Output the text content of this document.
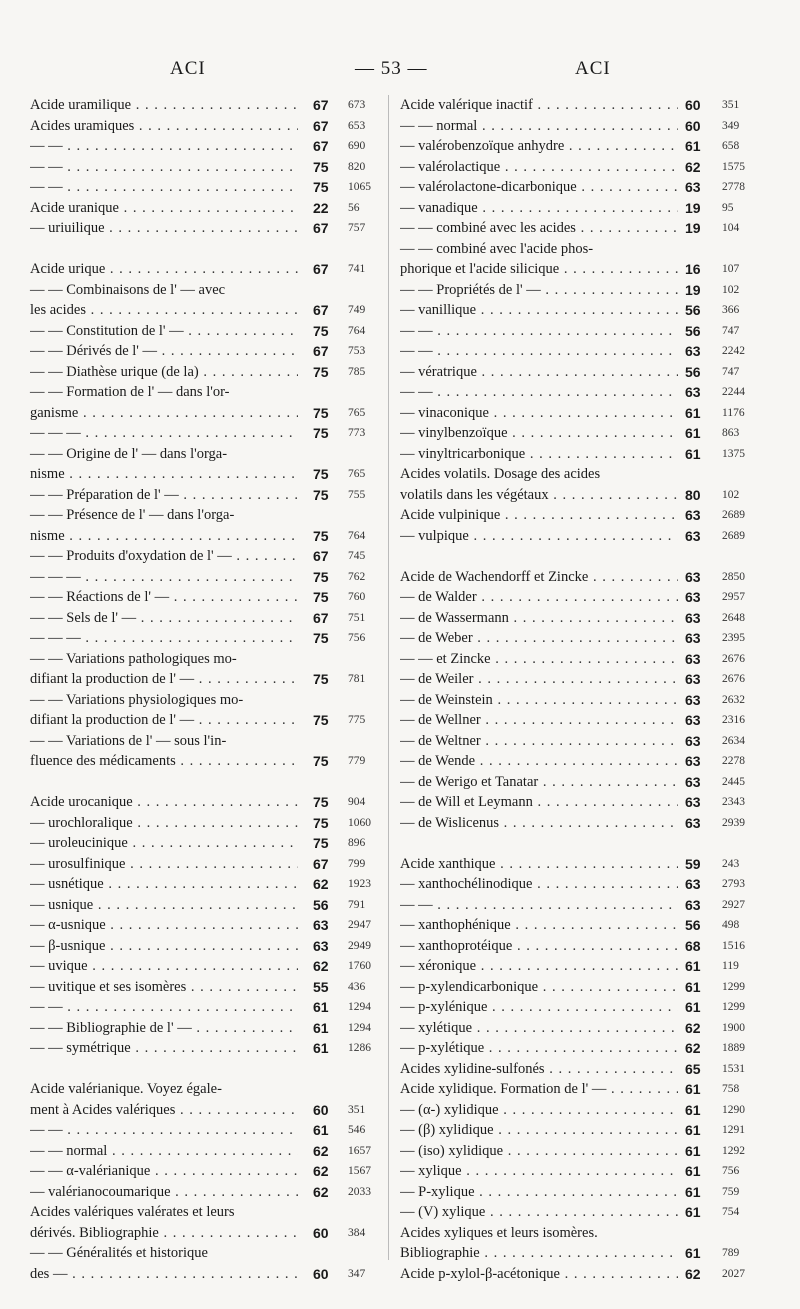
ACI	— 53 —	ACI
Acide uramilique . . .	67 673
Acides uramiques . . .	67 653
— — . . .	67 690
— — . . .	75 820
— — . . .	75 1065
Acide uranique . . .	22 56
— uriuilique . . .	67 757
Acide urique . . .	67 741
— — Combinaisons de l' — avec
les acides . . .	67 749
— — Constitution de l' — . . .	75 764
— — Dérivés de l' — . . .	67 753
— — Diathèse urique (de la) . . .	75 785
— — Formation de l' — dans l'or-
ganisme . . .	75 765
— — — . . .	75 773
— — Origine de l' — dans l'orga-
nisme . . .	75 765
— — Préparation de l' — . . .	75 755
— — Présence de l' — dans l'orga-
nisme . . .	75 764
— — Produits d'oxydation de l' — . . .	67 745
— — — . . .	75 762
— — Réactions de l' — . . .	75 760
— — Sels de l' — . . .	67 751
— — — . . .	75 756
— — Variations pathologiques mo-
difiant la production de l' — . . .	75 781
— — Variations physiologiques mo-
difiant la production de l' — . . .	75 775
— — Variations de l' — sous l'in-
fluence des médicaments . . .	75 779
Acide urocanique . . .	75 904
— urochloralique . . .	75 1060
— uroleucinique . . .	75 896
— urosulfinique . . .	67 799
— usnétique . . .	62 1923
— usnique . . .	56 791
— α-usnique . . .	63 2947
— β-usnique . . .	63 2949
— uvique . . .	62 1760
— uvitique et ses isomères . . .	55 436
— — . . .	61 1294
— — Bibliographie de l' — . . .	61 1294
— — symétrique . . .	61 1286
Acide valérianique. Voyez égale-
ment à Acides valériques . . .	60 351
— — . . .	61 546
— — normal . . .	62 1657
— — α-valérianique . . .	62 1567
— valérianocoumarique . . .	62 2033
Acides valériques valérates et leurs
dérivés. Bibliographie . . .	60 384
— — Généralités et historique
des — . . .	60 347
Acide valérique inactif . . .	60 351
— — normal . . .	60 349
— valérobenzoïque anhydre . . .	61 658
— valérolactique . . .	62 1575
— valérolactone-dicarbonique . . .	63 2778
— vanadique . . .	19 95
— — combiné avec les acides . . .	19 104
— — combiné avec l'acide phos-
phorique et l'acide silicique . . .	16 107
— — Propriétés de l' — . . .	19 102
— vanillique . . .	56 366
— — . . .	56 747
— — . . .	63 2242
— vératrique . . .	56 747
— — . . .	63 2244
— vinaconique . . .	61 1176
— vinylbenzoïque . . .	61 863
— vinyltricarbonique . . .	61 1375
Acides volatils. Dosage des acides
volatils dans les végétaux . . .	80 102
Acide vulpinique . . .	63 2689
— vulpique . . .	63 2689
Acide de Wachendorff et Zincke . . .	63 2850
— de Walder . . .	63 2957
— de Wassermann . . .	63 2648
— de Weber . . .	63 2395
— — et Zincke . . .	63 2676
— de Weiler . . .	63 2676
— de Weinstein . . .	63 2632
— de Wellner . . .	63 2316
— de Weltner . . .	63 2634
— de Wende . . .	63 2278
— de Werigo et Tanatar . . .	63 2445
— de Will et Leymann . . .	63 2343
— de Wislicenus . . .	63 2939
Acide xanthique . . .	59 243
— xanthochélinodique . . .	63 2793
— — . . .	63 2927
— xanthophénique . . .	56 498
— xanthoprotéique . . .	68 1516
— xéronique . . .	61 119
— p-xylendicarbonique . . .	61 1299
— p-xylénique . . .	61 1299
— xylétique . . .	62 1900
— p-xylétique . . .	62 1889
Acides xylidine-sulfonés . . .	65 1531
Acide xylidique. Formation de l' — . . .	61 758
— (α-) xylidique . . .	61 1290
— (β) xylidique . . .	61 1291
— (iso) xylidique . . .	61 1292
— xylique . . .	61 756
— P-xylique . . .	61 759
— (V) xylique . . .	61 754
Acides xyliques et leurs isomères.
Bibliographie . . .	61 789
Acide p-xylol-β-acétonique . . .	62 2027
